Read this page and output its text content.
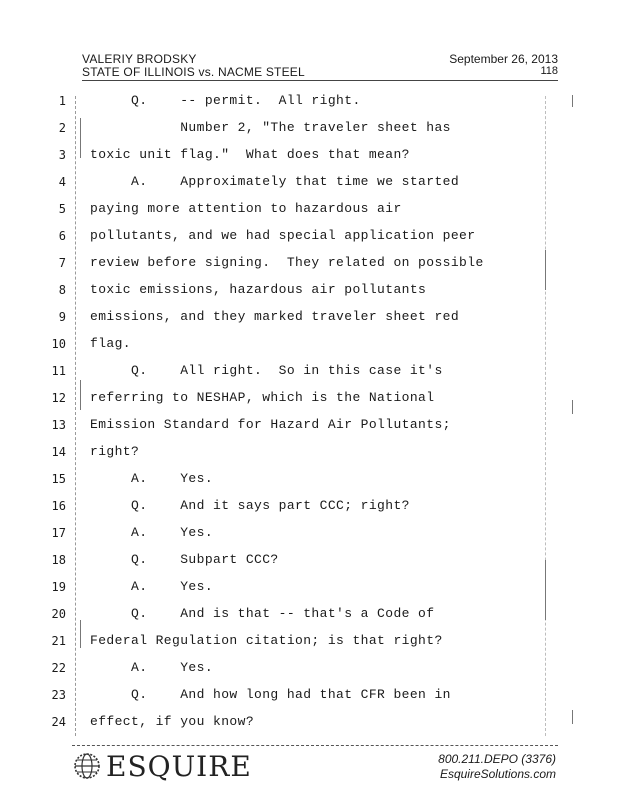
VALERIY BRODSKY
STATE OF ILLINOIS vs. NACME STEEL
September 26, 2013
118
1 Q.    -- permit.  All right.
2 Number 2, "The traveler sheet has
3 toxic unit flag."  What does that mean?
4 A.    Approximately that time we started
5 paying more attention to hazardous air
6 pollutants, and we had special application peer
7 review before signing.  They related on possible
8 toxic emissions, hazardous air pollutants
9 emissions, and they marked traveler sheet red
10 flag.
11 Q.    All right.  So in this case it's
12 referring to NESHAP, which is the National
13 Emission Standard for Hazard Air Pollutants;
14 right?
15 A.    Yes.
16 Q.    And it says part CCC; right?
17 A.    Yes.
18 Q.    Subpart CCC?
19 A.    Yes.
20 Q.    And is that -- that's a Code of
21 Federal Regulation citation; is that right?
22 A.    Yes.
23 Q.    And how long had that CFR been in
24 effect, if you know?
ESQUIRE	800.211.DEPO (3376)
EsquireSolutions.com
